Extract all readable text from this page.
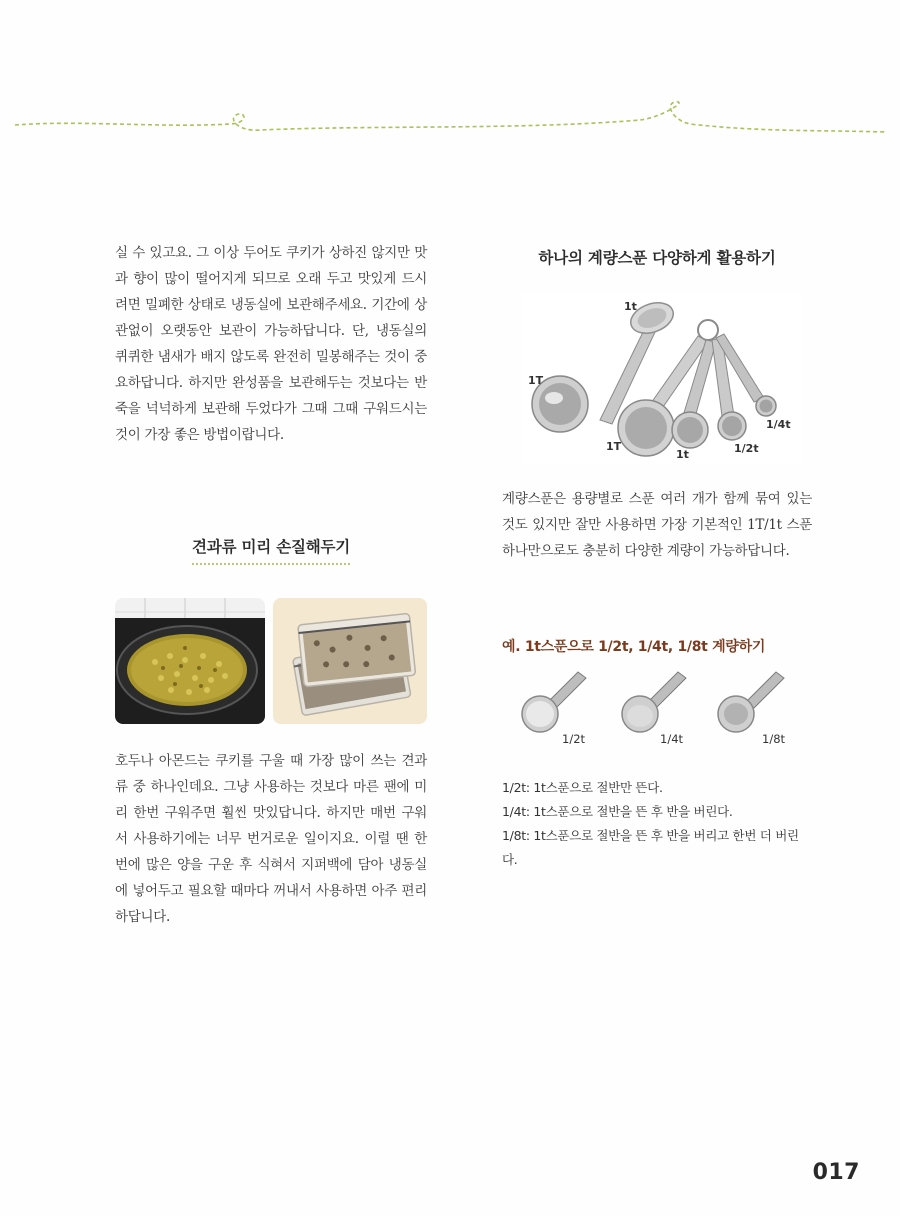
실 수 있고요. 그 이상 두어도 쿠키가 상하진 않지만 맛과 향이 많이 떨어지게 되므로 오래 두고 맛있게 드시려면 밀폐한 상태로 냉동실에 보관해주세요. 기간에 상관없이 오랫동안 보관이 가능하답니다. 단, 냉동실의 퀴퀴한 냄새가 배지 않도록 완전히 밀봉해주는 것이 중요하답니다. 하지만 완성품을 보관해두는 것보다는 반죽을 넉넉하게 보관해 두었다가 그때 그때 구워드시는 것이 가장 좋은 방법이랍니다.

견과류 미리 손질해두기

호두나 아몬드는 쿠키를 구울 때 가장 많이 쓰는 견과류 중 하나인데요. 그냥 사용하는 것보다 마른 팬에 미리 한번 구워주면 훨씬 맛있답니다. 하지만 매번 구워서 사용하기에는 너무 번거로운 일이지요. 이럴 땐 한번에 많은 양을 구운 후 식혀서 지퍼백에 담아 냉동실에 넣어두고 필요할 때마다 꺼내서 사용하면 아주 편리하답니다.

하나의 계량스푼 다양하게 활용하기
1t
1T
1T
1t	1/2t
1/4t

계량스푼은 용량별로 스푼 여러 개가 함께 묶여 있는 것도 있지만 잘만 사용하면 가장 기본적인 1T/1t 스푼 하나만으로도 충분히 다양한 계량이 가능하답니다.

예. 1t스푼으로 1/2t, 1/4t, 1/8t 계량하기
1/2t	1/4t	1/8t
1/2t: 1t스푼으로 절반만 뜬다.
1/4t: 1t스푼으로 절반을 뜬 후 반을 버린다.
1/8t: 1t스푼으로 절반을 뜬 후 반을 버리고 한번 더 버린다.
017
